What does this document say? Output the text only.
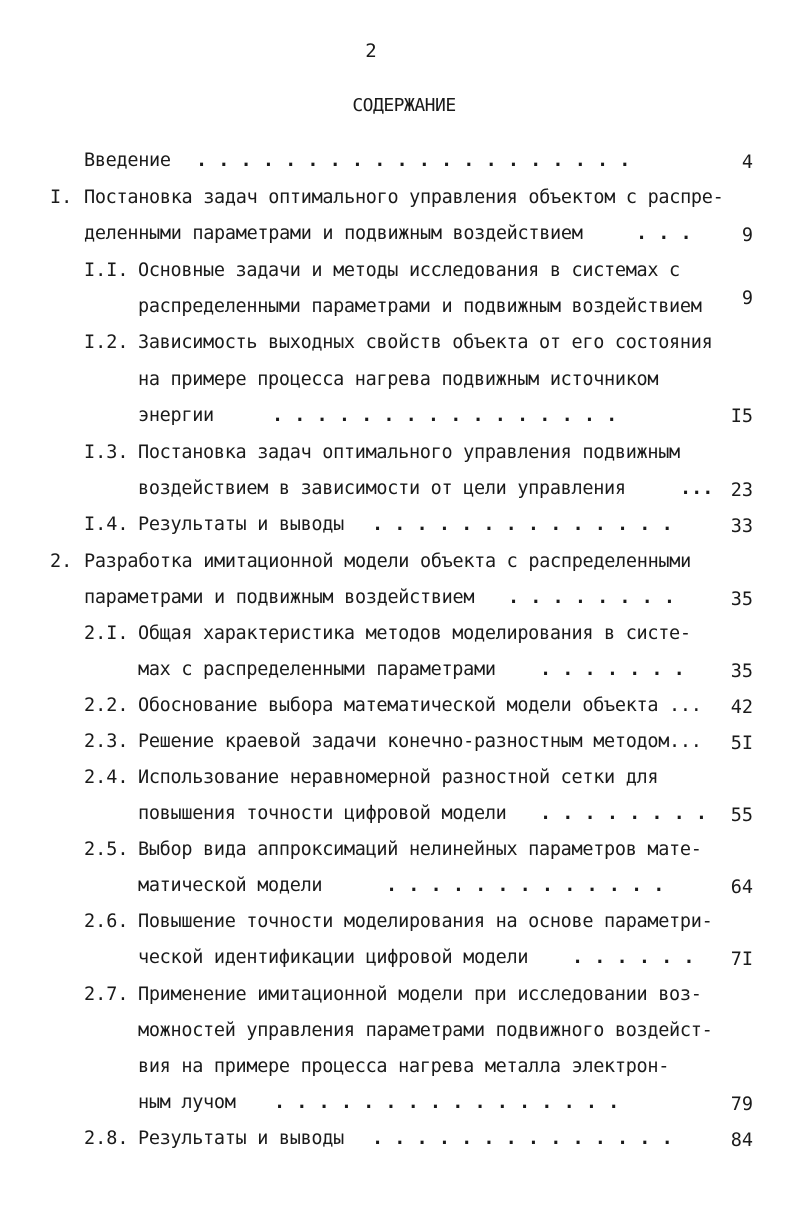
2
СОДЕРЖАНИЕ
Введение . . . . . . . . . . . . . . . . . . . .	4
I. Постановка задач оптимального управления объектом с распре-
деленными параметрами и подвижным воздействием	. . .	9
I.I. Основные задачи и методы исследования в системах с
распределенными параметрами и подвижным воздействием 9
I.2. Зависимость выходных свойств объекта от его состояния
на примере процесса нагрева подвижным источником
энергии	. . . . . . . . . . . . . . . .	I5
I.3. Постановка задач оптимального управления подвижным
воздействием в зависимости от цели управления	... 23
I.4. Результаты и выводы . . . . . . . . . . . . . .	33
2. Разработка имитационной модели объекта с распределенными
параметрами и подвижным воздействием . . . . . . . .	35
2.I. Общая характеристика методов моделирования в систе-
мах с распределенными параметрами . . . . . . . 35
2.2. Обоснование выбора математической модели объекта ... 42
2.3. Решение краевой задачи конечно-разностным методом... 5I
2.4. Использование неравномерной разностной сетки для
повышения точности цифровой модели . . . . . . . . 55
2.5. Выбор вида аппроксимаций нелинейных параметров мате-
матической модели	. . . . . . . . . . . . .	64
2.6. Повышение точности моделирования на основе параметри-
ческой идентификации цифровой модели . . . . . . 7I
2.7. Применение имитационной модели при исследовании воз-
можностей управления параметрами подвижного воздейст-
вия на примере процесса нагрева металла электрон-
ным лучом . . . . . . . . . . . . . . . .	79
2.8. Результаты и выводы . . . . . . . . . . . . . .	84
